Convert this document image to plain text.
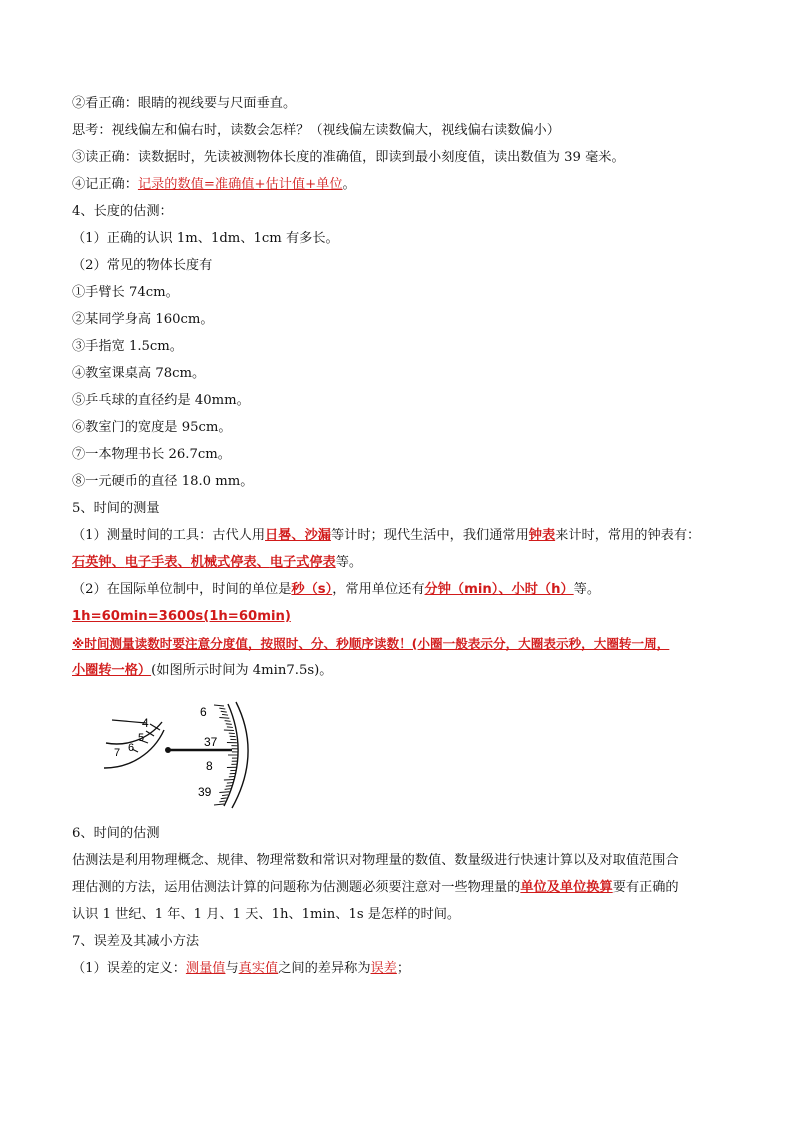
②看正确：眼睛的视线要与尺面垂直。
思考：视线偏左和偏右时，读数会怎样？（视线偏左读数偏大，视线偏右读数偏小）
③读正确：读数据时，先读被测物体长度的准确值，即读到最小刻度值，读出数值为 39 毫米。
④记正确：记录的数值=准确值+估计值+单位。
4、长度的估测：
（1）正确的认识 1m、1dm、1cm 有多长。
（2）常见的物体长度有
①手臂长 74cm。
②某同学身高 160cm。
③手指宽 1.5cm。
④教室课桌高 78cm。
⑤乒乓球的直径约是 40mm。
⑥教室门的宽度是 95cm。
⑦一本物理书长 26.7cm。
⑧一元硬币的直径 18.0 mm。
5、时间的测量
（1）测量时间的工具：古代人用日晷、沙漏等计时；现代生活中，我们通常用钟表来计时，常用的钟表有：
石英钟、电子手表、机械式停表、电子式停表等。
（2）在国际单位制中，时间的单位是秒（s），常用单位还有分钟（min）、小时（h）等。
1h=60min=3600s(1h=60min)
※时间测量读数时要注意分度值，按照时、分、秒顺序读数！(小圈一般表示分，大圈表示秒，大圈转一周，
小圈转一格）(如图所示时间为 4min7.5s)。
4
5
6
7
6
37
8
39
6、时间的估测
估测法是利用物理概念、规律、物理常数和常识对物理量的数值、数量级进行快速计算以及对取值范围合
理估测的方法，运用估测法计算的问题称为估测题必须要注意对一些物理量的单位及单位换算要有正确的
认识 1 世纪、1 年、1 月、1 天、1h、1min、1s 是怎样的时间。
7、误差及其减小方法
（1）误差的定义：测量值与真实值之间的差异称为误差；
